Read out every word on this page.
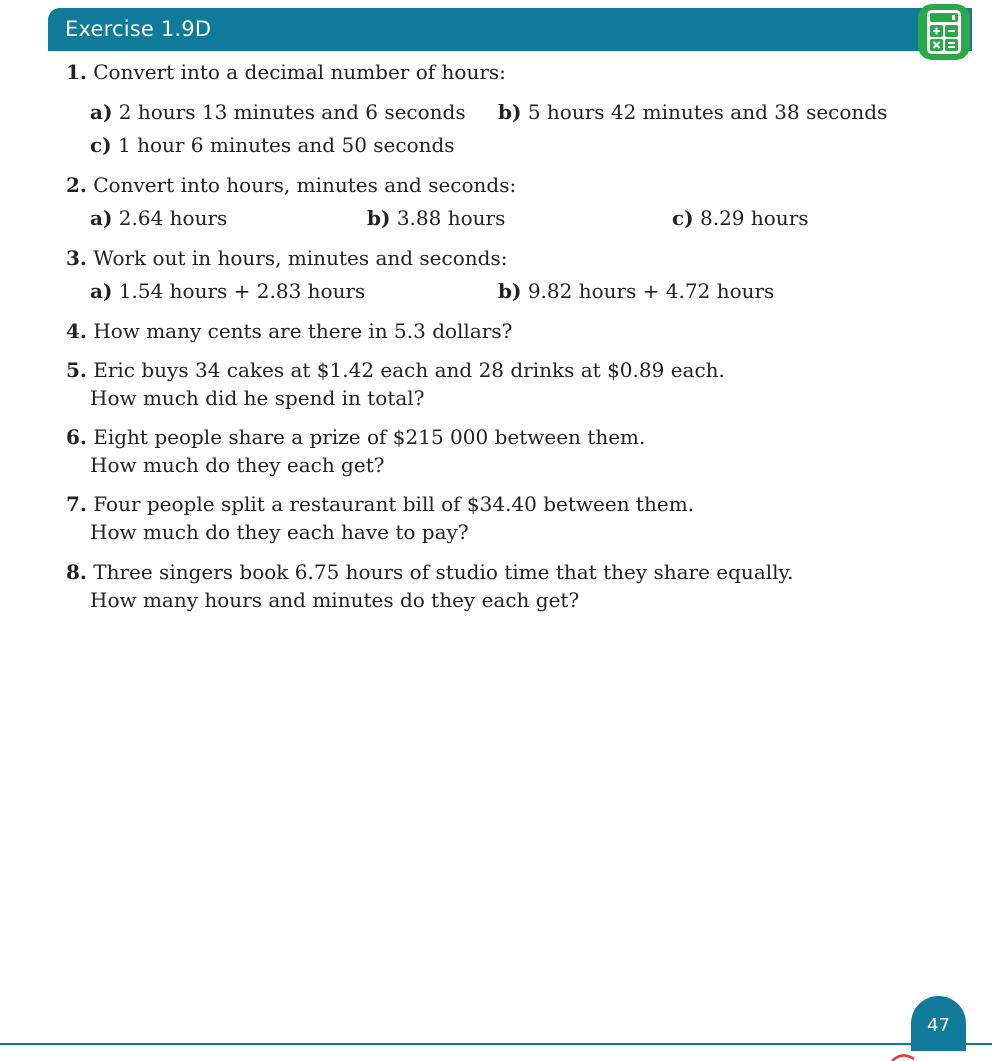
Exercise 1.9D
1. Convert into a decimal number of hours:
a) 2 hours 13 minutes and 6 seconds b) 5 hours 42 minutes and 38 seconds
c) 1 hour 6 minutes and 50 seconds
2. Convert into hours, minutes and seconds:
a) 2.64 hours	b) 3.88 hours	c) 8.29 hours
3. Work out in hours, minutes and seconds:
a) 1.54 hours + 2.83 hours	b) 9.82 hours + 4.72 hours
4. How many cents are there in 5.3 dollars?
5. Eric buys 34 cakes at $1.42 each and 28 drinks at $0.89 each.
How much did he spend in total?
6. Eight people share a prize of $215 000 between them.
How much do they each get?
7. Four people split a restaurant bill of $34.40 between them.
How much do they each have to pay?
8. Three singers book 6.75 hours of studio time that they share equally.
How many hours and minutes do they each get?
47
